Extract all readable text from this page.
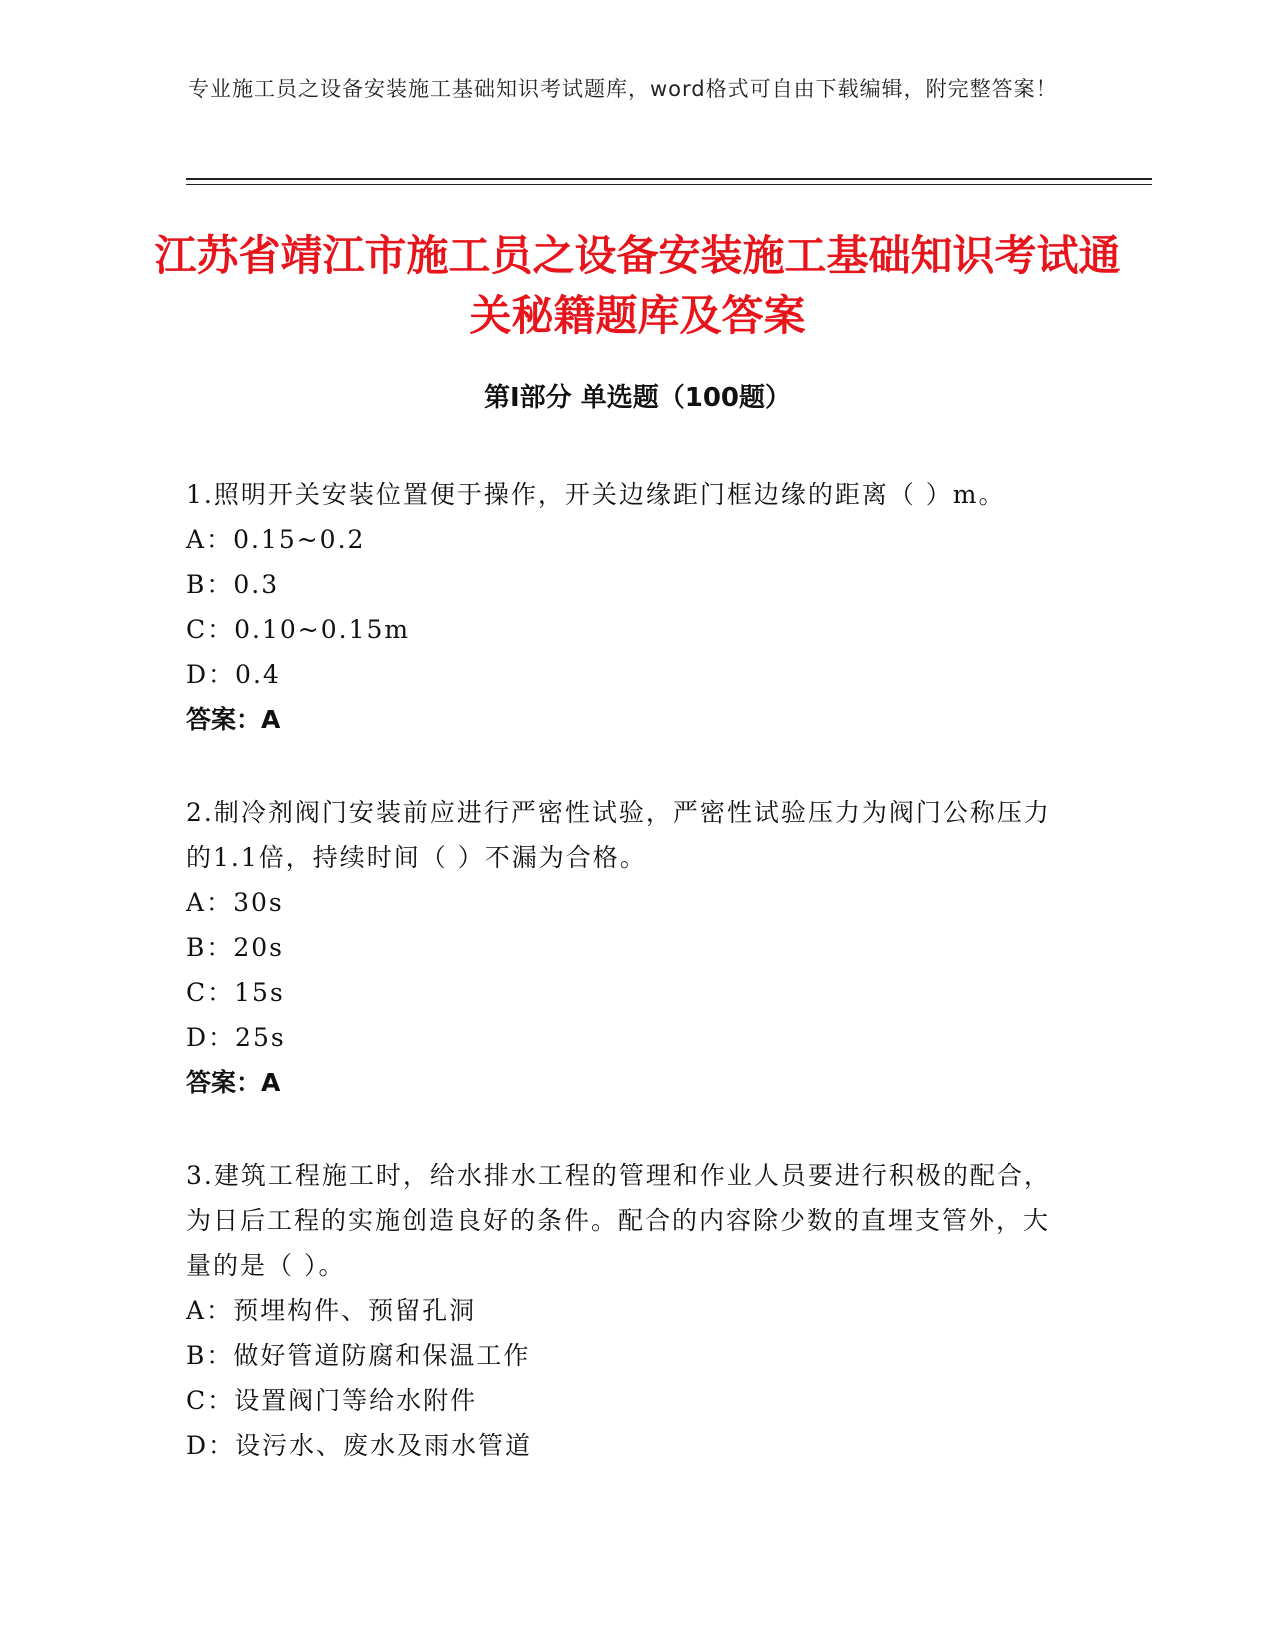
专业施工员之设备安装施工基础知识考试题库，word格式可自由下载编辑，附完整答案！
江苏省靖江市施工员之设备安装施工基础知识考试通关秘籍题库及答案
第Ⅰ部分 单选题（100题）

1.照明开关安装位置便于操作，开关边缘距门框边缘的距离（ ）m。

A：0.15~0.2

B：0.3

C：0.10~0.15m

D：0.4

答案：A

2.制冷剂阀门安装前应进行严密性试验，严密性试验压力为阀门公称压力的1.1倍，持续时间（ ）不漏为合格。

A：30s

B：20s

C：15s

D：25s

答案：A

3.建筑工程施工时，给水排水工程的管理和作业人员要进行积极的配合，为日后工程的实施创造良好的条件。配合的内容除少数的直埋支管外，大量的是（ ）。

A：预埋构件、预留孔洞

B：做好管道防腐和保温工作

C：设置阀门等给水附件

D：设污水、废水及雨水管道
